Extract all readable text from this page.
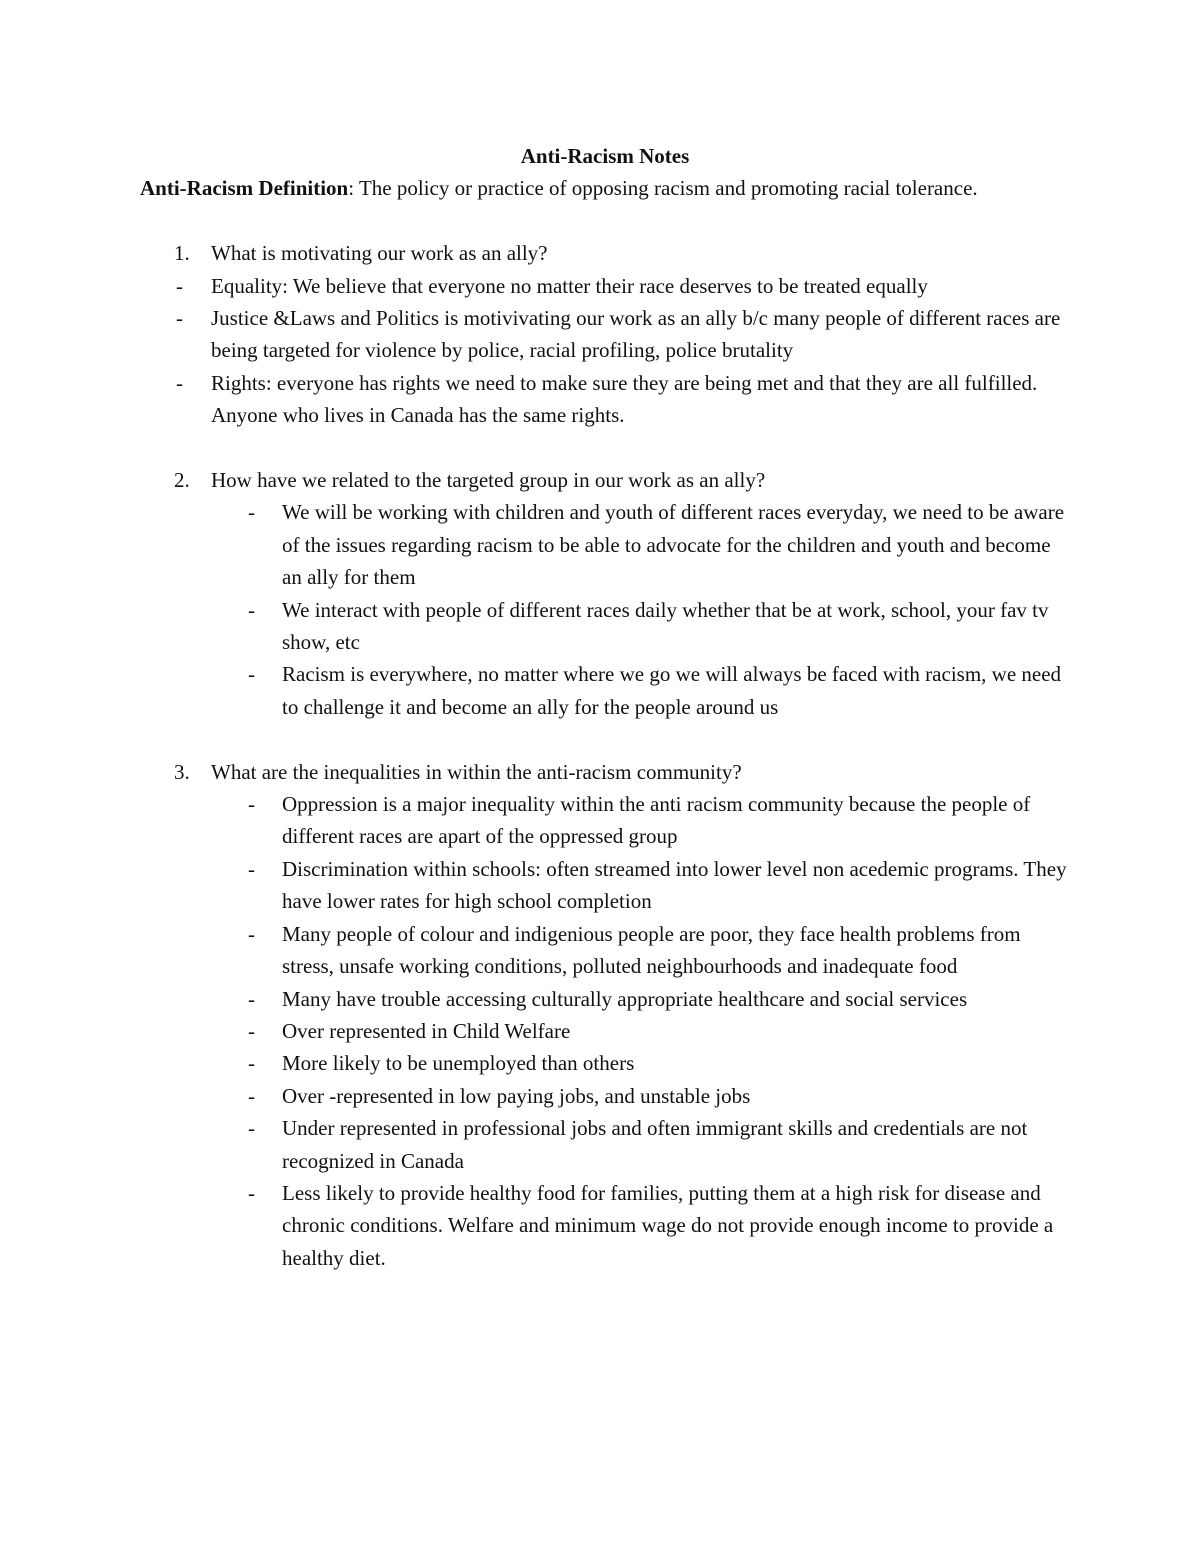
Anti-Racism Notes

Anti-Racism Definition: The policy or practice of opposing racism and promoting racial tolerance.

1. What is motivating our work as an ally?

- Equality: We believe that everyone no matter their race deserves to be treated equally

- Justice &Laws and Politics is motivivating our work as an ally b/c many people of different races are being targeted for violence by police, racial profiling, police brutality

- Rights: everyone has rights we need to make sure they are being met and that they are all fulfilled. Anyone who lives in Canada has the same rights.

2. How have we related to the targeted group in our work as an ally?

- We will be working with children and youth of different races everyday, we need to be aware of the issues regarding racism to be able to advocate for the children and youth and become an ally for them

- We interact with people of different races daily whether that be at work, school, your fav tv show, etc

- Racism is everywhere, no matter where we go we will always be faced with racism, we need to challenge it and become an ally for the people around us

3. What are the inequalities in within the anti-racism community?

- Oppression is a major inequality within the anti racism community because the people of different races are apart of the oppressed group

- Discrimination within schools: often streamed into lower level non acedemic programs. They have lower rates for high school completion

- Many people of colour and indigenious people are poor, they face health problems from stress, unsafe working conditions, polluted neighbourhoods and inadequate food

- Many have trouble accessing culturally appropriate healthcare and social services

- Over represented in Child Welfare

- More likely to be unemployed than others

- Over -represented in low paying jobs, and unstable jobs

- Under represented in professional jobs and often immigrant skills and credentials are not recognized in Canada

- Less likely to provide healthy food for families, putting them at a high risk for disease and chronic conditions. Welfare and minimum wage do not provide enough income to provide a healthy diet.
